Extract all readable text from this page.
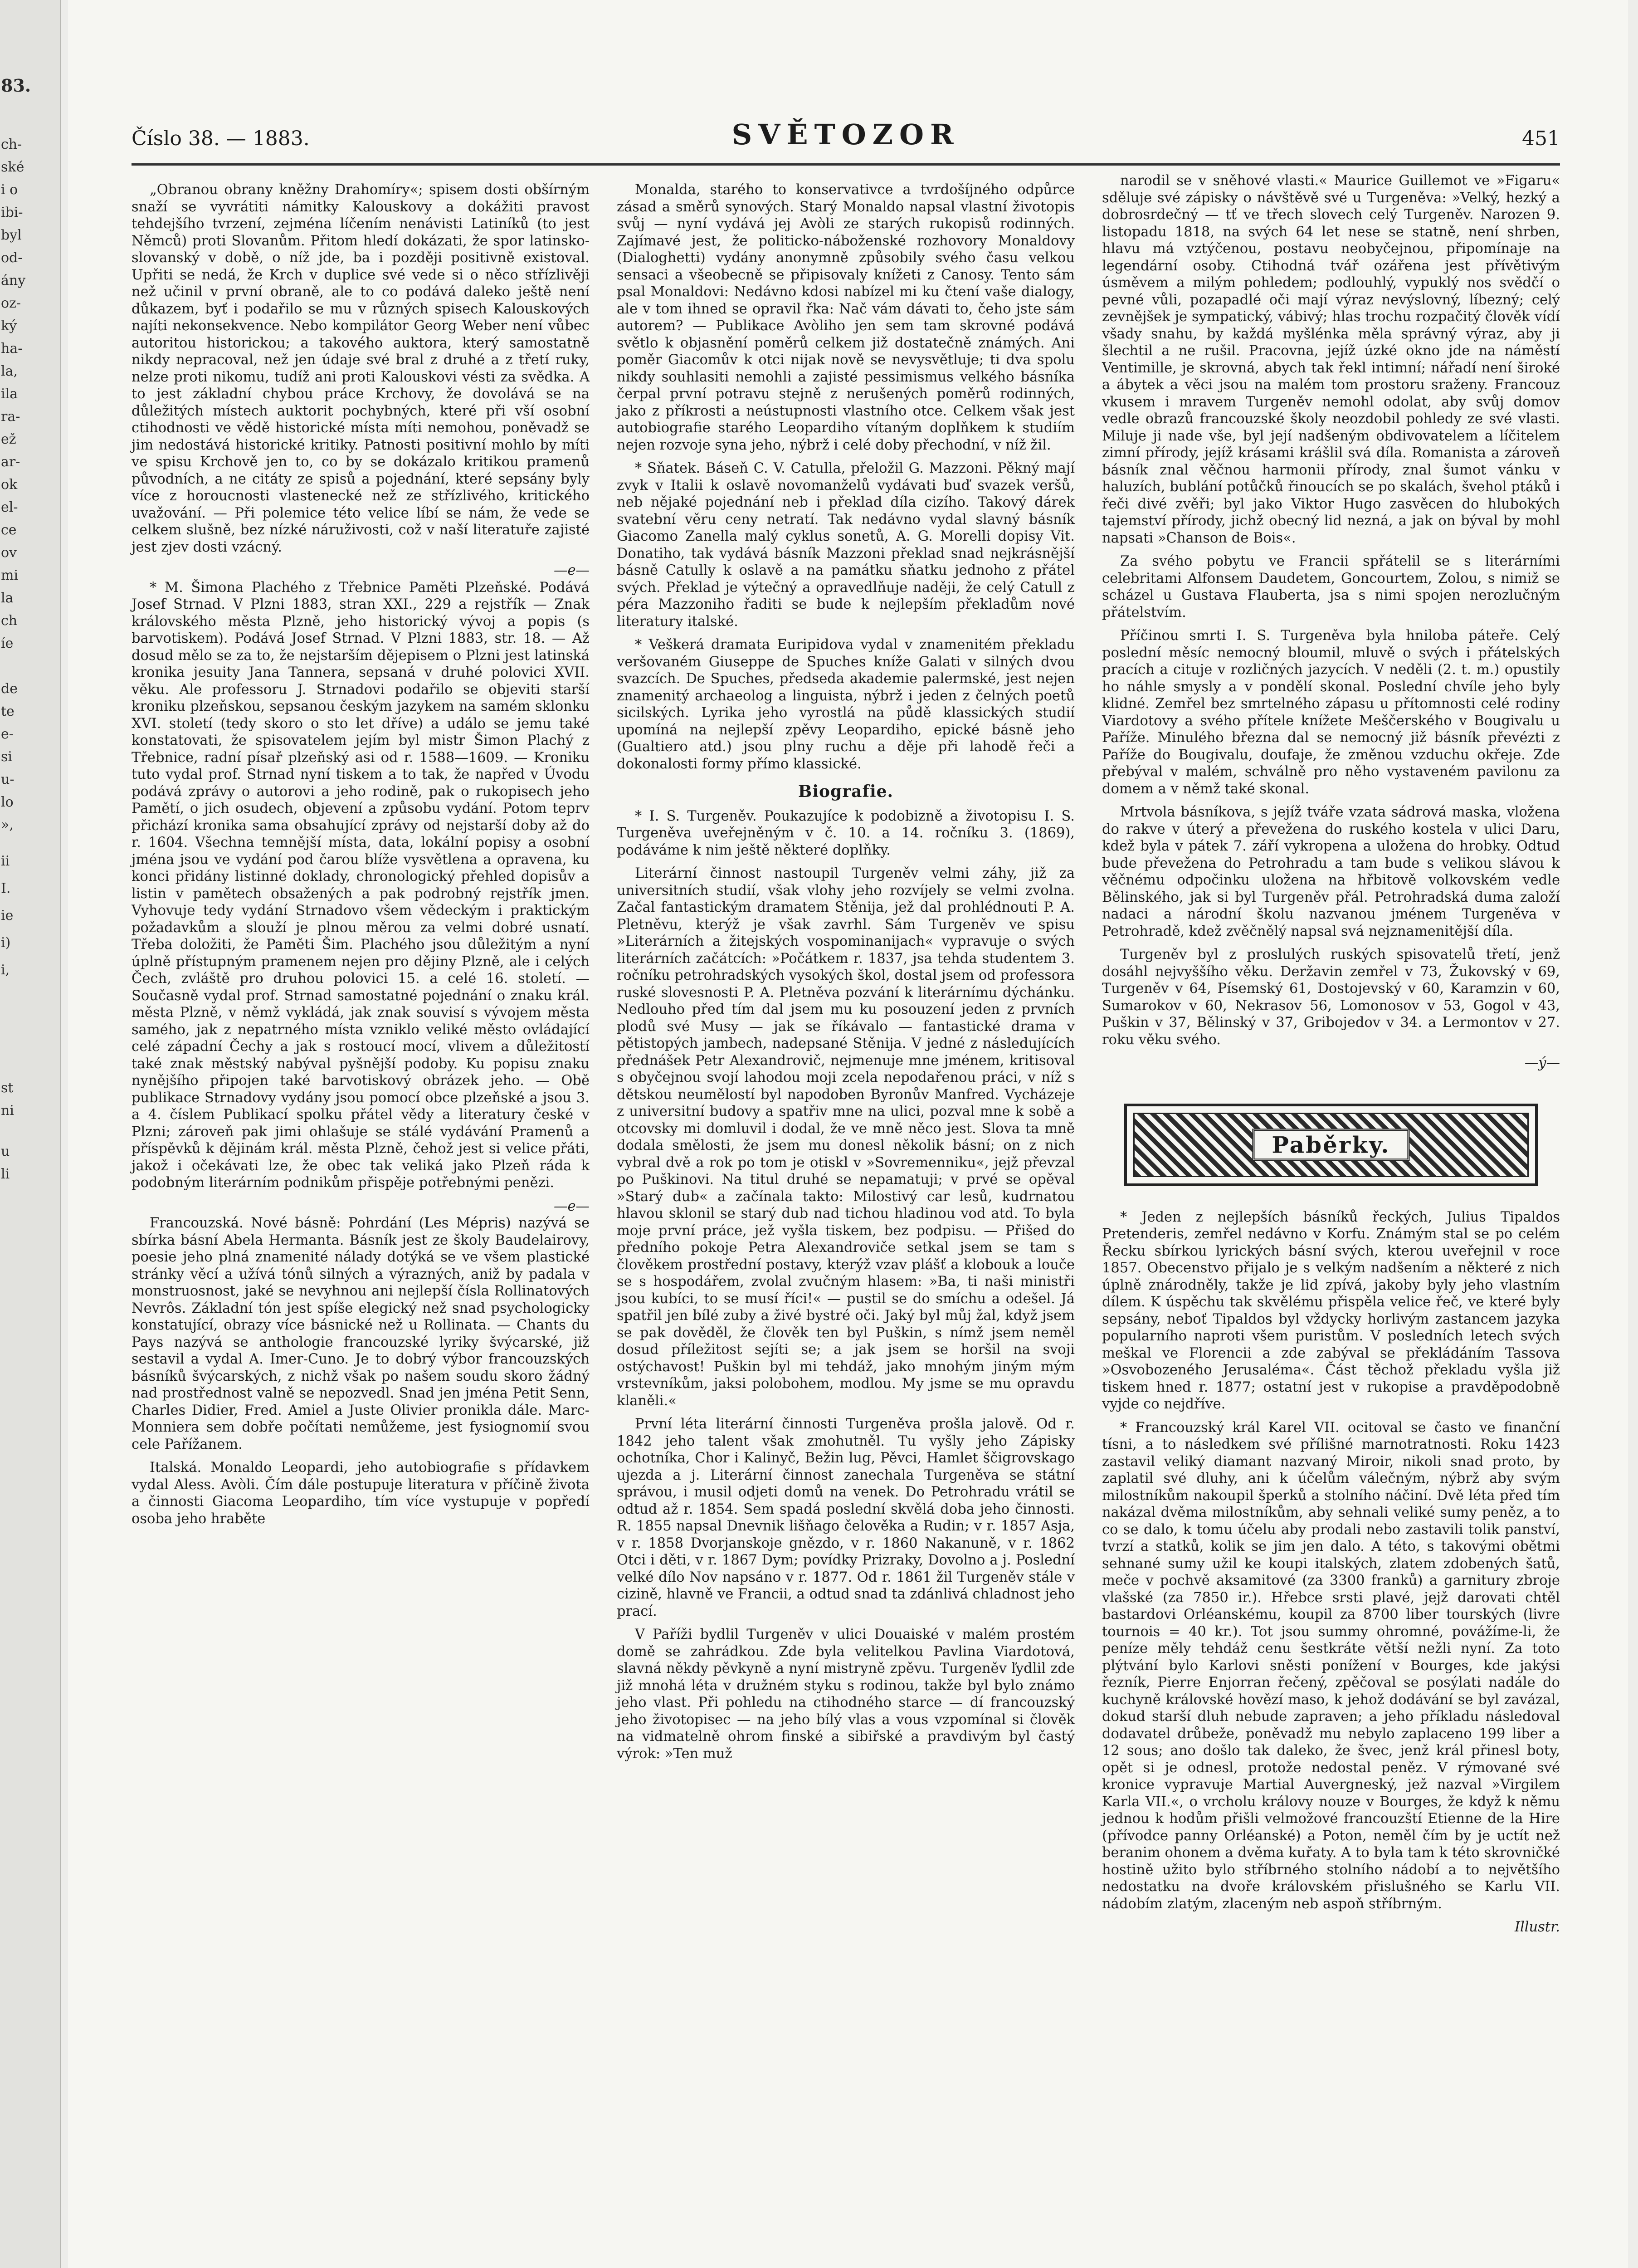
83.
ch-
ské
i o
ibi-
byl
od-
ány
oz-
ký
ha-
la,
ila
ra-
ež
ar-
ok
el-
ce
ov
mi
la
ch
íe
de
te
e-
si
u-
lo
»,
ii
I.
ie
i)
i,
st
ni
u
li
Číslo 38. — 1883.	SVĚTOZOR	451

„Obranou obrany kněžny Drahomíry«; spisem dosti obšírným snaží se vyvrátiti námitky Kalouskovy a dokážiti pravost tehdejšího tvrzení, zejména líčením nenávisti Latiníků (to jest Němců) proti Slovanům. Přitom hledí dokázati, že spor latinsko-slovanský v době, o níž jde, ba i později positivně existoval. Upřiti se nedá, že Krch v duplice své vede si o něco střízlivěji než učinil v první obraně, ale to co podává daleko ještě není důkazem, byť i podařilo se mu v různých spisech Kalouskových najíti nekonsekvence. Nebo kompilátor Georg Weber není vůbec autoritou historickou; a takového auktora, který samostatně nikdy nepracoval, než jen údaje své bral z druhé a z třetí ruky, nelze proti nikomu, tudíž ani proti Kalouskovi vésti za svědka. A to jest základní chybou práce Krchovy, že dovolává se na důležitých místech auktorit pochybných, které při vší osobní ctihodnosti ve vědě historické místa míti nemohou, poněvadž se jim nedostává historické kritiky. Patnosti positivní mohlo by míti ve spisu Krchově jen to, co by se dokázalo kritikou pramenů původních, a ne citáty ze spisů a pojednání, které sepsány byly více z horoucnosti vlastenecké než ze střízlivého, kritického uvažování. — Při polemice této velice líbí se nám, že vede se celkem slušně, bez nízké náruživosti, což v naší literatuře zajisté jest zjev dosti vzácný.

—e—

* M. Šimona Plachého z Třebnice Paměti Plzeňské. Podává Josef Strnad. V Plzni 1883, stran XXI., 229 a rejstřík — Znak královského města Plzně, jeho historický vývoj a popis (s barvotiskem). Podává Josef Strnad. V Plzni 1883, str. 18. — Až dosud mělo se za to, že nejstarším dějepisem o Plzni jest latinská kronika jesuity Jana Tannera, sepsaná v druhé polovici XVII. věku. Ale professoru J. Strnadovi podařilo se objeviti starší kroniku plzeňskou, sepsanou českým jazykem na samém sklonku XVI. století (tedy skoro o sto let dříve) a událo se jemu také konstatovati, že spisovatelem jejím byl mistr Šimon Plachý z Třebnice, radní písař plzeňský asi od r. 1588—1609. — Kroniku tuto vydal prof. Strnad nyní tiskem a to tak, že napřed v Úvodu podává zprávy o autorovi a jeho rodině, pak o rukopisech jeho Pamětí, o jich osudech, objevení a způsobu vydání. Potom teprv přichází kronika sama obsahující zprávy od nejstarší doby až do r. 1604. Všechna temnější místa, data, lokální popisy a osobní jména jsou ve vydání pod čarou blíže vysvětlena a opravena, ku konci přidány listinné doklady, chronologický přehled dopisův a listin v pamětech obsažených a pak podrobný rejstřík jmen. Vyhovuje tedy vydání Strnadovo všem vědeckým i praktickým požadavkům a slouží je plnou měrou za velmi dobré usnatí. Třeba doložiti, že Paměti Šim. Plachého jsou důležitým a nyní úplně přístupným pramenem nejen pro dějiny Plzně, ale i celých Čech, zvláště pro druhou polovici 15. a celé 16. století. — Současně vydal prof. Strnad samostatné pojednání o znaku král. města Plzně, v němž vykládá, jak znak souvisí s vývojem města samého, jak z nepatrného místa vzniklo veliké město ovládající celé západní Čechy a jak s rostoucí mocí, vlivem a důležitostí také znak městský nabýval pyšnější podoby. Ku popisu znaku nynějšího připojen také barvotiskový obrázek jeho. — Obě publikace Strnadovy vydány jsou pomocí obce plzeňské a jsou 3. a 4. číslem Publikací spolku přátel vědy a literatury české v Plzni; zároveň pak jimi ohlašuje se stálé vydávání Pramenů a příspěvků k dějinám král. města Plzně, čehož jest si velice přáti, jakož i očekávati lze, že obec tak veliká jako Plzeň ráda k podobným literárním podnikům přispěje potřebnými penězi.

—e—

Francouzská. Nové básně: Pohrdání (Les Mépris) nazývá se sbírka básní Abela Hermanta. Básník jest ze školy Baudelairovy, poesie jeho plná znamenité nálady dotýká se ve všem plastické stránky věcí a užívá tónů silných a výrazných, aniž by padala v monstruosnost, jaké se nevyhnou ani nejlepší čísla Rollinatových Nevrôs. Základní tón jest spíše elegický než snad psychologicky konstatující, obrazy více básnické než u Rollinata. — Chants du Pays nazývá se anthologie francouzské lyriky švýcarské, již sestavil a vydal A. Imer-Cuno. Je to dobrý výbor francouzských básníků švýcarských, z nichž však po našem soudu skoro žádný nad prostřednost valně se nepozvedl. Snad jen jména Petit Senn, Charles Didier, Fred. Amiel a Juste Olivier pronikla dále. Marc-Monniera sem dobře počítati nemůžeme, jest fysiognomií svou cele Pařížanem.

Italská. Monaldo Leopardi, jeho autobiografie s přídavkem vydal Aless. Avòli. Čím dále postupuje literatura v příčině života a činnosti Giacoma Leopardiho, tím více vystupuje v popředí osoba jeho hraběte

Monalda, starého to konservativce a tvrdošíjného odpůrce zásad a směrů synových. Starý Monaldo napsal vlastní životopis svůj — nyní vydává jej Avòli ze starých rukopisů rodinných. Zajímavé jest, že politicko-náboženské rozhovory Monaldovy (Dialoghetti) vydány anonymně způsobily svého času velkou sensaci a všeobecně se připisovaly knížeti z Canosy. Tento sám psal Monaldovi: Nedávno kdosi nabízel mi ku čtení vaše dialogy, ale v tom ihned se opravil řka: Nač vám dávati to, čeho jste sám autorem? — Publikace Avòliho jen sem tam skrovné podává světlo k objasnění poměrů celkem již dostatečně známých. Ani poměr Giacomův k otci nijak nově se nevysvětluje; ti dva spolu nikdy souhlasiti nemohli a zajisté pessimismus velkého básníka čerpal první potravu stejně z nerušených poměrů rodinných, jako z příkrosti a neústupnosti vlastního otce. Celkem však jest autobiografie starého Leopardiho vítaným doplňkem k studiím nejen rozvoje syna jeho, nýbrž i celé doby přechodní, v níž žil.

* Sňatek. Báseň C. V. Catulla, přeložil G. Mazzoni. Pěkný mají zvyk v Italii k oslavě novomanželů vydávati buď svazek veršů, neb nějaké pojednání neb i překlad díla cizího. Takový dárek svatební věru ceny netratí. Tak nedávno vydal slavný básník Giacomo Zanella malý cyklus sonetů, A. G. Morelli dopisy Vit. Donatiho, tak vydává básník Mazzoni překlad snad nejkrásnější básně Catully k oslavě a na památku sňatku jednoho z přátel svých. Překlad je výtečný a opravedlňuje naději, že celý Catull z péra Mazzoniho řaditi se bude k nejlepším překladům nové literatury italské.

* Veškerá dramata Euripidova vydal v znamenitém překladu veršovaném Giuseppe de Spuches kníže Galati v silných dvou svazcích. De Spuches, předseda akademie palermské, jest nejen znamenitý archaeolog a linguista, nýbrž i jeden z čelných poetů sicilských. Lyrika jeho vyrostlá na půdě klassických studií upomíná na nejlepší zpěvy Leopardiho, epické básně jeho (Gualtiero atd.) jsou plny ruchu a děje při lahodě řeči a dokonalosti formy přímo klassické.

Biografie.

* I. S. Turgeněv. Poukazujíce k podobizně a životopisu I. S. Turgeněva uveřejněným v č. 10. a 14. ročníku 3. (1869), podáváme k nim ještě některé doplňky.

Literární činnost nastoupil Turgeněv velmi záhy, již za universitních studií, však vlohy jeho rozvíjely se velmi zvolna. Začal fantastickým dramatem Stěnija, jež dal prohlédnouti P. A. Pletněvu, kterýž je však zavrhl. Sám Turgeněv ve spisu »Literárních a žitejských vospominanijach« vypravuje o svých literárních začátcích: »Počátkem r. 1837, jsa tehda studentem 3. ročníku petrohradských vysokých škol, dostal jsem od professora ruské slovesnosti P. A. Pletněva pozvání k literárnímu dýchánku. Nedlouho před tím dal jsem mu ku posouzení jeden z prvních plodů své Musy — jak se říkávalo — fantastické drama v pětistopých jambech, nadepsané Stěnija. V jedné z následujících přednášek Petr Alexandrovič, nejmenuje mne jménem, kritisoval s obyčejnou svojí lahodou moji zcela nepodařenou práci, v níž s dětskou neumělostí byl napodoben Byronův Manfred. Vycházeje z universitní budovy a spatřiv mne na ulici, pozval mne k sobě a otcovsky mi domluvil i dodal, že ve mně něco jest. Slova ta mně dodala smělosti, že jsem mu donesl několik básní; on z nich vybral dvě a rok po tom je otiskl v »Sovremenniku«, jejž převzal po Puškinovi. Na titul druhé se nepamatuji; v prvé se opěval »Starý dub« a začínala takto: Milostivý car lesů, kudrnatou hlavou sklonil se starý dub nad tichou hladinou vod atd. To byla moje první práce, jež vyšla tiskem, bez podpisu. — Přišed do předního pokoje Petra Alexandroviče setkal jsem se tam s člověkem prostřední postavy, kterýž vzav plášť a klobouk a louče se s hospodářem, zvolal zvučným hlasem: »Ba, ti naši ministři jsou kubíci, to se musí říci!« — pustil se do smíchu a odešel. Já spatřil jen bílé zuby a živé bystré oči. Jaký byl můj žal, když jsem se pak dověděl, že člověk ten byl Puškin, s nímž jsem neměl dosud příležitost sejíti se; a jak jsem se horšil na svoji ostýchavost! Puškin byl mi tehdáž, jako mnohým jiným mým vrstevníkům, jaksi polobohem, modlou. My jsme se mu opravdu klaněli.«

První léta literární činnosti Turgeněva prošla jalově. Od r. 1842 jeho talent však zmohutněl. Tu vyšly jeho Zápisky ochotníka, Chor i Kalinyč, Bežin lug, Pěvci, Hamlet ščigrovskago ujezda a j. Literární činnost zanechala Turgeněva se státní správou, i musil odjeti domů na venek. Do Petrohradu vrátil se odtud až r. 1854. Sem spadá poslední skvělá doba jeho činnosti. R. 1855 napsal Dnevnik lišňago čelověka a Rudin; v r. 1857 Asja, v r. 1858 Dvorjanskoje gnězdo, v r. 1860 Nakanuně, v r. 1862 Otci i děti, v r. 1867 Dym; povídky Prizraky, Dovolno a j. Poslední velké dílo Nov napsáno v r. 1877. Od r. 1861 žil Turgeněv stále v cizině, hlavně ve Francii, a odtud snad ta zdánlivá chladnost jeho prací.

V Paříži bydlil Turgeněv v ulici Douaiské v malém prostém domě se zahrádkou. Zde byla velitelkou Pavlina Viardotová, slavná někdy pěvkyně a nyní mistryně zpěvu. Turgeněv ľydlil zde již mnohá léta v družném styku s rodinou, takže byl bylo známo jeho vlast. Při pohledu na ctihodného starce — dí francouzský jeho životopisec — na jeho bílý vlas a vous vzpomínal si člověk na vidmatelně ohrom finské a sibiřské a pravdivým byl častý výrok: »Ten muž

narodil se v sněhové vlasti.« Maurice Guillemot ve »Figaru« sděluje své zápisky o návštěvě své u Turgeněva: »Velký, hezký a dobrosrdečný — tť ve třech slovech celý Turgeněv. Narozen 9. listopadu 1818, na svých 64 let nese se statně, není shrben, hlavu má vztýčenou, postavu neobyčejnou, připomínaje na legendární osoby. Ctihodná tvář ozářena jest přívětivým úsměvem a milým pohledem; podlouhlý, vypuklý nos svědčí o pevné vůli, pozapadlé oči mají výraz nevýslovný, líbezný; celý zevnějšek je sympatický, vábivý; hlas trochu rozpačitý člověk vídí všady snahu, by každá myšlénka měla správný výraz, aby ji šlechtil a ne rušil. Pracovna, jejíž úzké okno jde na náměstí Ventimille, je skrovná, abych tak řekl intimní; nářadí není široké a ábytek a věci jsou na malém tom prostoru sraženy. Francouz vkusem i mravem Turgeněv nemohl odolat, aby svůj domov vedle obrazů francouzské školy neozdobil pohledy ze své vlasti. Miluje ji nade vše, byl její nadšeným obdivovatelem a líčitelem zimní přírody, jejíž krásami krášlil svá díla. Romanista a zároveň básník znal věčnou harmonii přírody, znal šumot vánku v haluzích, bublání potůčků řinoucích se po skalách, švehol ptáků i řeči divé zvěři; byl jako Viktor Hugo zasvěcen do hlubokých tajemství přírody, jichž obecný lid nezná, a jak on býval by mohl napsati »Chanson de Bois«.

Za svého pobytu ve Francii spřátelil se s literárními celebritami Alfonsem Daudetem, Goncourtem, Zolou, s nimiž se scházel u Gustava Flauberta, jsa s nimi spojen nerozlučným přátelstvím.

Příčinou smrti I. S. Turgeněva byla hniloba páteře. Celý poslední měsíc nemocný bloumil, mluvě o svých i přátelských pracích a cituje v rozličných jazycích. V neděli (2. t. m.) opustily ho náhle smysly a v pondělí skonal. Poslední chvíle jeho byly klidné. Zemřel bez smrtelného zápasu u přítomnosti celé rodiny Viardotovy a svého přítele knížete Meščerského v Bougivalu u Paříže. Minulého března dal se nemocný již básník převézti z Paříže do Bougivalu, doufaje, že změnou vzduchu okřeje. Zde přebýval v malém, schválně pro něho vystaveném pavilonu za domem a v němž také skonal.

Mrtvola básníkova, s jejíž tváře vzata sádrová maska, vložena do rakve v úterý a převežena do ruského kostela v ulici Daru, kdež byla v pátek 7. září vykropena a uložena do hrobky. Odtud bude převežena do Petrohradu a tam bude s velikou slávou k věčnému odpočinku uložena na hřbitově volkovském vedle Bělinského, jak si byl Turgeněv přál. Petrohradská duma založí nadaci a národní školu nazvanou jménem Turgeněva v Petrohradě, kdež zvěčnělý napsal svá nejznamenitější díla.

Turgeněv byl z proslulých ruských spisovatelů třetí, jenž dosáhl nejvyššího věku. Deržavin zemřel v 73, Žukovský v 69, Turgeněv v 64, Písemský 61, Dostojevský v 60, Karamzin v 60, Sumarokov v 60, Nekrasov 56, Lomonosov v 53, Gogol v 43, Puškin v 37, Bělinský v 37, Gribojedov v 34. a Lermontov v 27. roku věku svého.

—ý—
Paběrky.

* Jeden z nejlepších básníků řeckých, Julius Tipaldos Pretenderis, zemřel nedávno v Korfu. Známým stal se po celém Řecku sbírkou lyrických básní svých, kterou uveřejnil v roce 1857. Obecenstvo přijalo je s velkým nadšením a některé z nich úplně znárodněly, takže je lid zpívá, jakoby byly jeho vlastním dílem. K úspěchu tak skvělému přispěla velice řeč, ve které byly sepsány, neboť Tipaldos byl vždycky horlivým zastancem jazyka popularního naproti všem puristům. V posledních letech svých meškal ve Florencii a zde zabýval se překládáním Tassova »Osvobozeného Jerusaléma«. Část těchož překladu vyšla již tiskem hned r. 1877; ostatní jest v rukopise a pravděpodobně vyjde co nejdříve.

* Francouzský král Karel VII. ocitoval se často ve finanční tísni, a to následkem své přílišné marnotratnosti. Roku 1423 zastavil veliký diamant nazvaný Miroir, nikoli snad proto, by zaplatil své dluhy, ani k účelům válečným, nýbrž aby svým milostníkům nakoupil šperků a stolního náčiní. Dvě léta před tím nakázal dvěma milostníkům, aby sehnali veliké sumy peněz, a to co se dalo, k tomu účelu aby prodali nebo zastavili tolik panství, tvrzí a statků, kolik se jim jen dalo. A této, s takovými obětmi sehnané sumy užil ke koupi italských, zlatem zdobených šatů, meče v pochvě aksamitové (za 3300 franků) a garnitury zbroje vlašské (za 7850 ir.). Hřebce srsti plavé, jejž darovati chtěl bastardovi Orléanskému, koupil za 8700 liber tourských (livre tournois = 40 kr.). Tot jsou summy ohromné, povážíme-li, že peníze měly tehdáž cenu šestkráte větší nežli nyní. Za toto plýtvání bylo Karlovi sněsti ponížení v Bourges, kde jakýsi řezník, Pierre Enjorran řečený, zpěčoval se posýlati nadále do kuchyně královské hovězí maso, k jehož dodávání se byl zavázal, dokud starší dluh nebude zapraven; a jeho příkladu následoval dodavatel drůbeže, poněvadž mu nebylo zaplaceno 199 liber a 12 sous; ano došlo tak daleko, že švec, jenž král přinesl boty, opět si je odnesl, protože nedostal peněz. V rýmované své kronice vypravuje Martial Auvergneský, jež nazval »Virgilem Karla VII.«, o vrcholu královy nouze v Bourges, že když k němu jednou k hodům přišli velmožové francouzští Etienne de la Hire (přívodce panny Orléanské) a Poton, neměl čím by je uctít než beranim ohonem a dvěma kuřaty. A to byla tam k této skrovničké hostině užito bylo stříbrného stolního nádobí a to největšího nedostatku na dvoře královském přislušného se Karlu VII. nádobím zlatým, zlaceným neb aspoň stříbrným.

Illustr.
